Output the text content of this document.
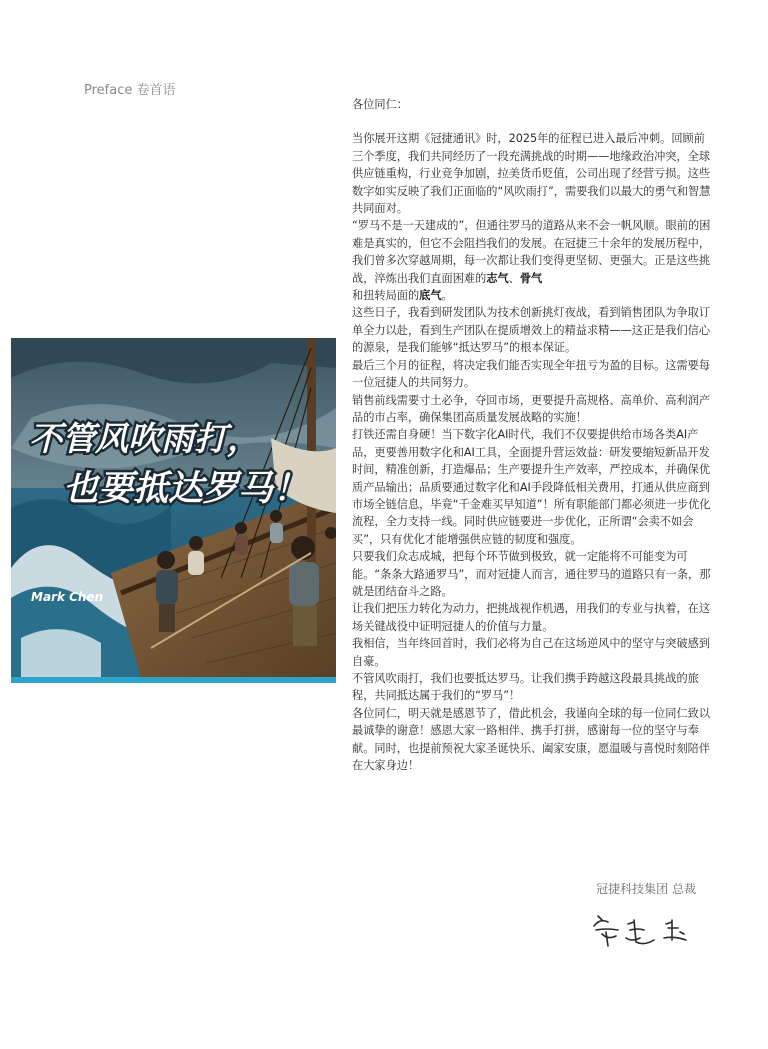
Preface 卷首语
不管风吹雨打，
也要抵达罗马！
Mark Chen

各位同仁：

当你展开这期《冠捷通讯》时，2025年的征程已进入最后冲刺。回顾前三个季度，我们共同经历了一段充满挑战的时期——地缘政治冲突，全球供应链重构，行业竞争加剧，拉美货币贬值，公司出现了经营亏损。这些数字如实反映了我们正面临的“风吹雨打”，需要我们以最大的勇气和智慧共同面对。

“罗马不是一天建成的”，但通往罗马的道路从来不会一帆风顺。眼前的困难是真实的，但它不会阻挡我们的发展。在冠捷三十余年的发展历程中，我们曾多次穿越周期，每一次都让我们变得更坚韧、更强大。正是这些挑战，淬炼出我们直面困难的志气、骨气
和扭转局面的底气。

这些日子，我看到研发团队为技术创新挑灯夜战，看到销售团队为争取订单全力以赴，看到生产团队在提质增效上的精益求精——这正是我们信心的源泉，是我们能够“抵达罗马”的根本保证。

最后三个月的征程，将决定我们能否实现全年扭亏为盈的目标。这需要每一位冠捷人的共同努力。

销售前线需要寸土必争，夺回市场，更要提升高规格、高单价、高利润产品的市占率，确保集团高质量发展战略的实施！

打铁还需自身硬！当下数字化AI时代，我们不仅要提供给市场各类AI产品，更要善用数字化和AI工具，全面提升营运效益：研发要缩短新品开发时间，精准创新，打造爆品；生产要提升生产效率，严控成本，并确保优质产品输出；品质要通过数字化和AI手段降低相关费用，打通从供应商到市场全链信息，毕竟“千金难买早知道”！所有职能部门都必须进一步优化流程，全力支持一线。同时供应链要进一步优化，正所谓“会卖不如会买”，只有优化才能增强供应链的韧度和强度。

只要我们众志成城，把每个环节做到极致，就一定能将不可能变为可能。“条条大路通罗马”，而对冠捷人而言，通往罗马的道路只有一条，那就是团结奋斗之路。

让我们把压力转化为动力，把挑战视作机遇，用我们的专业与执着，在这场关键战役中证明冠捷人的价值与力量。

我相信，当年终回首时，我们必将为自己在这场逆风中的坚守与突破感到自豪。

不管风吹雨打，我们也要抵达罗马。让我们携手跨越这段最具挑战的旅程，共同抵达属于我们的“罗马”！

各位同仁，明天就是感恩节了，借此机会，我谨向全球的每一位同仁致以最诚挚的谢意！感恩大家一路相伴、携手打拼，感谢每一位的坚守与奉献。同时，也提前预祝大家圣诞快乐、阖家安康，愿温暖与喜悦时刻陪伴在大家身边！

冠捷科技集团 总裁
